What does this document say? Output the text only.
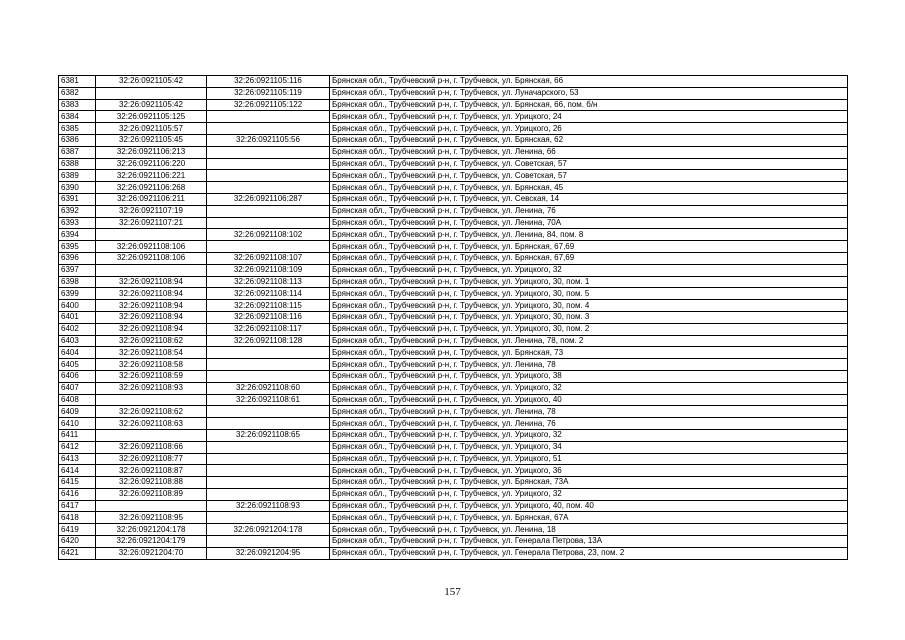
6381	32:26:0921105:42	32:26:0921105:116	Брянская обл., Трубчевский р-н, г. Трубчевск, ул. Брянская, 66
6382		32:26:0921105:119	Брянская обл., Трубчевский р-н, г. Трубчевск, ул. Луначарского, 53
6383	32:26:0921105:42	32:26:0921105:122	Брянская обл., Трубчевский р-н, г. Трубчевск, ул. Брянская, 66, пом. б/н
6384	32:26:0921105:125		Брянская обл., Трубчевский р-н, г. Трубчевск, ул. Урицкого, 24
6385	32:26:0921105:57		Брянская обл., Трубчевский р-н, г. Трубчевск, ул. Урицкого, 26
6386	32:26:0921105:45	32:26:0921105:56	Брянская обл., Трубчевский р-н, г. Трубчевск, ул. Брянская, 62
6387	32:26:0921106:213		Брянская обл., Трубчевский р-н, г. Трубчевск, ул. Ленина, 66
6388	32:26:0921106:220		Брянская обл., Трубчевский р-н, г. Трубчевск, ул. Советская, 57
6389	32:26:0921106:221		Брянская обл., Трубчевский р-н, г. Трубчевск, ул. Советская, 57
6390	32:26:0921106:268		Брянская обл., Трубчевский р-н, г. Трубчевск, ул. Брянская, 45
6391	32:26:0921106:211	32:26:0921106:287	Брянская обл., Трубчевский р-н, г. Трубчевск, ул. Севская, 14
6392	32:26:0921107:19		Брянская обл., Трубчевский р-н, г. Трубчевск, ул. Ленина, 76
6393	32:26:0921107:21		Брянская обл., Трубчевский р-н, г. Трубчевск, ул. Ленина, 70А
6394		32:26:0921108:102	Брянская обл., Трубчевский р-н, г. Трубчевск, ул. Ленина, 84, пом. 8
6395	32:26:0921108:106		Брянская обл., Трубчевский р-н, г. Трубчевск, ул. Брянская, 67,69
6396	32:26:0921108:106	32:26:0921108:107	Брянская обл., Трубчевский р-н, г. Трубчевск, ул. Брянская, 67,69
6397		32:26:0921108:109	Брянская обл., Трубчевский р-н, г. Трубчевск, ул. Урицкого, 32
6398	32:26:0921108:94	32:26:0921108:113	Брянская обл., Трубчевский р-н, г. Трубчевск, ул. Урицкого, 30, пом. 1
6399	32:26:0921108:94	32:26:0921108:114	Брянская обл., Трубчевский р-н, г. Трубчевск, ул. Урицкого, 30, пом. 5
6400	32:26:0921108:94	32:26:0921108:115	Брянская обл., Трубчевский р-н, г. Трубчевск, ул. Урицкого, 30, пом. 4
6401	32:26:0921108:94	32:26:0921108:116	Брянская обл., Трубчевский р-н, г. Трубчевск, ул. Урицкого, 30, пом. 3
6402	32:26:0921108:94	32:26:0921108:117	Брянская обл., Трубчевский р-н, г. Трубчевск, ул. Урицкого, 30, пом. 2
6403	32:26:0921108:62	32:26:0921108:128	Брянская обл., Трубчевский р-н, г. Трубчевск, ул. Ленина, 78, пом. 2
6404	32:26:0921108:54		Брянская обл., Трубчевский р-н, г. Трубчевск, ул. Брянская, 73
6405	32:26:0921108:58		Брянская обл., Трубчевский р-н, г. Трубчевск, ул. Ленина, 78
6406	32:26:0921108:59		Брянская обл., Трубчевский р-н, г. Трубчевск, ул. Урицкого, 38
6407	32:26:0921108:93	32:26:0921108:60	Брянская обл., Трубчевский р-н, г. Трубчевск, ул. Урицкого, 32
6408		32:26:0921108:61	Брянская обл., Трубчевский р-н, г. Трубчевск, ул. Урицкого, 40
6409	32:26:0921108:62		Брянская обл., Трубчевский р-н, г. Трубчевск, ул. Ленина, 78
6410	32:26:0921108:63		Брянская обл., Трубчевский р-н, г. Трубчевск, ул. Ленина, 76
6411		32:26:0921108:65	Брянская обл., Трубчевский р-н, г. Трубчевск, ул. Урицкого, 32
6412	32:26:0921108:66		Брянская обл., Трубчевский р-н, г. Трубчевск, ул. Урицкого, 34
6413	32:26:0921108:77		Брянская обл., Трубчевский р-н, г. Трубчевск, ул. Урицкого, 51
6414	32:26:0921108:87		Брянская обл., Трубчевский р-н, г. Трубчевск, ул. Урицкого, 36
6415	32:26:0921108:88		Брянская обл., Трубчевский р-н, г. Трубчевск, ул. Брянская, 73А
6416	32:26:0921108:89		Брянская обл., Трубчевский р-н, г. Трубчевск, ул. Урицкого, 32
6417		32:26:0921108:93	Брянская обл., Трубчевский р-н, г. Трубчевск, ул. Урицкого, 40, пом. 40
6418	32:26:0921108:95		Брянская обл., Трубчевский р-н, г. Трубчевск, ул. Брянская, 67А
6419	32:26:0921204:178	32:26:0921204:178	Брянская обл., Трубчевский р-н, г. Трубчевск, ул. Ленина, 18
6420	32:26:0921204:179		Брянская обл., Трубчевский р-н, г. Трубчевск, ул. Генерала Петрова, 13А
6421	32:26:0921204:70	32:26:0921204:95	Брянская обл., Трубчевский р-н, г. Трубчевск, ул. Генерала Петрова, 23, пом. 2
157
